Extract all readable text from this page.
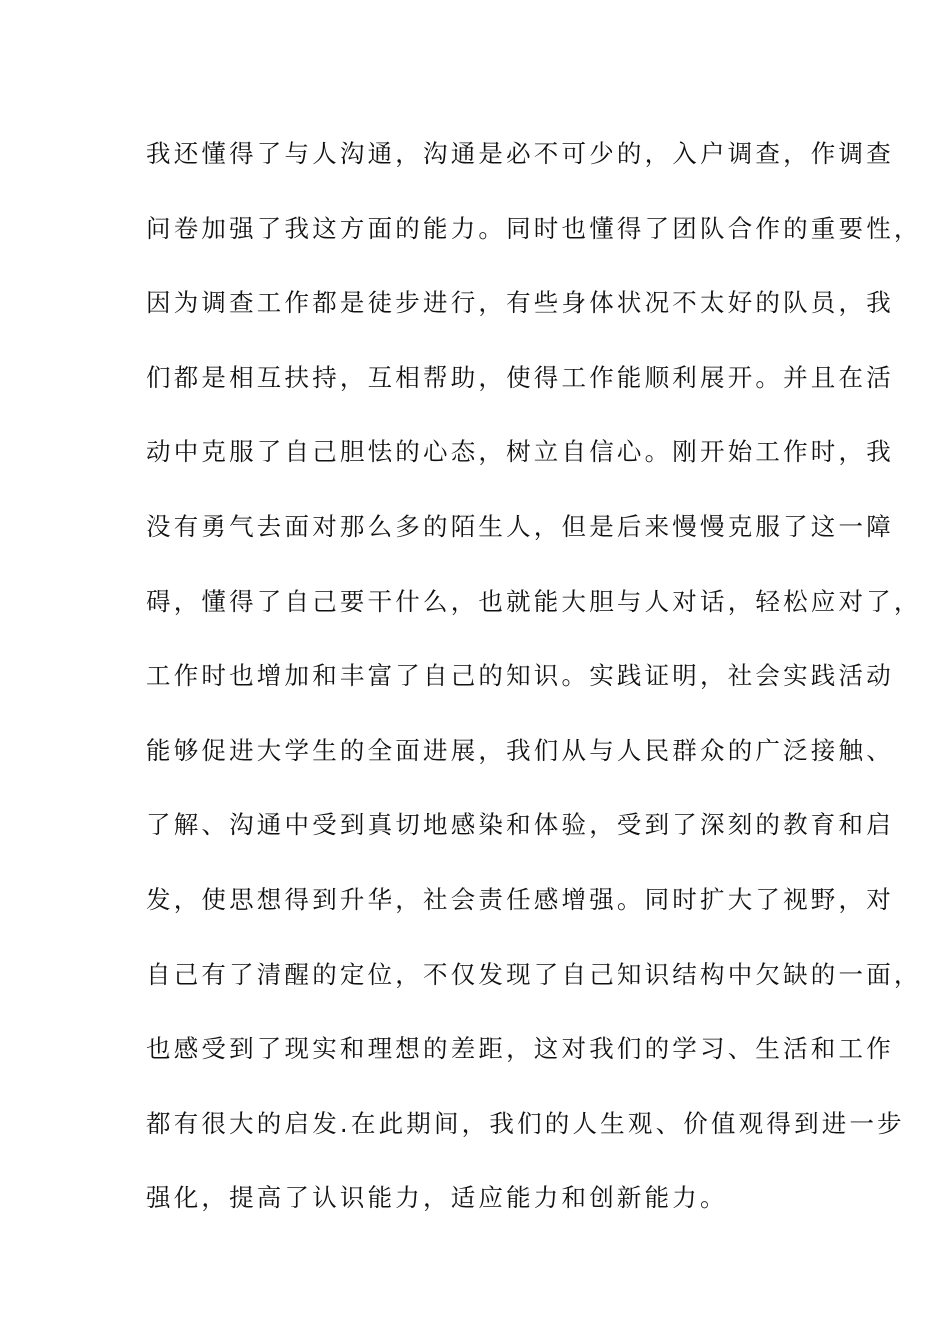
我还懂得了与人沟通，沟通是必不可少的，入户调查，作调查
问卷加强了我这方面的能力。同时也懂得了团队合作的重要性，
因为调查工作都是徒步进行，有些身体状况不太好的队员，我
们都是相互扶持，互相帮助，使得工作能顺利展开。并且在活
动中克服了自己胆怯的心态，树立自信心。刚开始工作时，我
没有勇气去面对那么多的陌生人，但是后来慢慢克服了这一障
碍，懂得了自己要干什么，也就能大胆与人对话，轻松应对了，
工作时也增加和丰富了自己的知识。实践证明，社会实践活动
能够促进大学生的全面进展，我们从与人民群众的广泛接触、
了解、沟通中受到真切地感染和体验，受到了深刻的教育和启
发，使思想得到升华，社会责任感增强。同时扩大了视野，对
自己有了清醒的定位，不仅发现了自己知识结构中欠缺的一面，
也感受到了现实和理想的差距，这对我们的学习、生活和工作
都有很大的启发.在此期间，我们的人生观、价值观得到进一步
强化，提高了认识能力，适应能力和创新能力。
